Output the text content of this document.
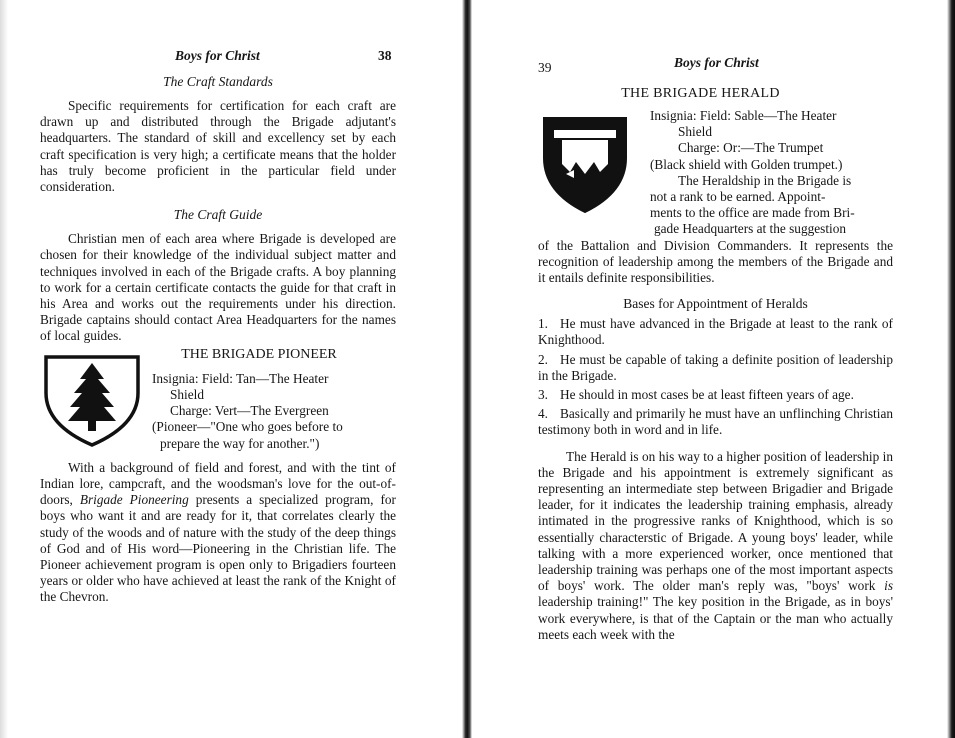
Boys for Christ	38
The Craft Standards

Specific requirements for certification for each craft are drawn up and distributed through the Brigade adjutant's headquarters. The standard of skill and excellency set by each craft specification is very high; a certificate means that the holder has truly become proficient in the particular field under consideration.

The Craft Guide

Christian men of each area where Brigade is developed are chosen for their knowledge of the individual subject matter and techniques involved in each of the Brigade crafts. A boy planning to work for a certain certificate contacts the guide for that craft in his Area and works out the requirements under his direction. Brigade captains should contact Area Headquarters for the names of local guides.

THE BRIGADE PIONEER
Insignia: Field: Tan—The Heater
Shield
Charge: Vert—The Evergreen
(Pioneer—"One who goes before to
prepare the way for another.")

With a background of field and forest, and with the tint of Indian lore, campcraft, and the woodsman's love for the out-of-doors, Brigade Pioneering presents a specialized program, for boys who want it and are ready for it, that correlates clearly the study of the woods and of nature with the study of the deep things of God and of His word—Pioneering in the Christian life. The Pioneer achievement program is open only to Brigadiers fourteen years or older who have achieved at least the rank of the Knight of the Chevron.

39	Boys for Christ
THE BRIGADE HERALD
Insignia: Field: Sable—The Heater
Shield
Charge: Or:—The Trumpet
(Black shield with Golden trumpet.)
The Heraldship in the Brigade is
not a rank to be earned. Appoint-
ments to the office are made from Bri-
gade Headquarters at the suggestion

of the Battalion and Division Commanders. It represents the recognition of leadership among the members of the Brigade and it entails definite responsibilities.

Bases for Appointment of Heralds
1. He must have advanced in the Brigade at least to the rank of Knighthood.
2. He must be capable of taking a definite position of leadership in the Brigade.
3. He should in most cases be at least fifteen years of age.
4. Basically and primarily he must have an unflinching Christian testimony both in word and in life.

The Herald is on his way to a higher position of leadership in the Brigade and his appointment is extremely significant as representing an intermediate step between Brigadier and Brigade leader, for it indicates the leadership training emphasis, already intimated in the progressive ranks of Knighthood, which is so essentially characterstic of Brigade. A young boys' leader, while talking with a more experienced worker, once mentioned that leadership training was perhaps one of the most important aspects of boys' work. The older man's reply was, "boys' work is leadership training!" The key position in the Brigade, as in boys' work everywhere, is that of the Captain or the man who actually meets each week with the
